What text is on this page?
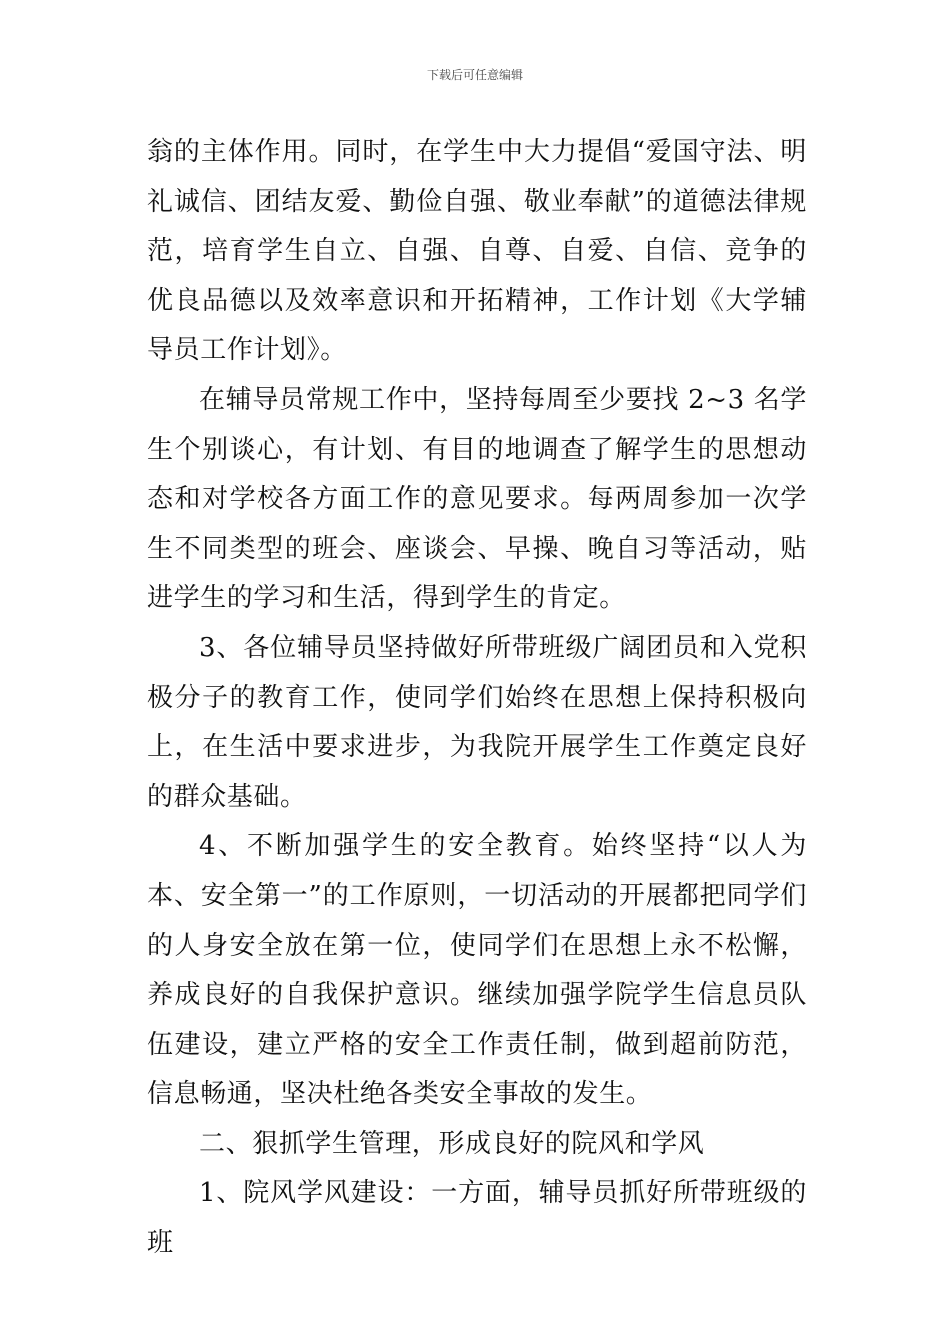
下载后可任意编辑

翁的主体作用。同时，在学生中大力提倡“爱国守法、明礼诚信、团结友爱、勤俭自强、敬业奉献”的道德法律规范，培育学生自立、自强、自尊、自爱、自信、竞争的优良品德以及效率意识和开拓精神，工作计划《大学辅导员工作计划》。

在辅导员常规工作中，坚持每周至少要找 2~3 名学生个别谈心，有计划、有目的地调查了解学生的思想动态和对学校各方面工作的意见要求。每两周参加一次学生不同类型的班会、座谈会、早操、晚自习等活动，贴进学生的学习和生活，得到学生的肯定。

3、各位辅导员坚持做好所带班级广阔团员和入党积极分子的教育工作，使同学们始终在思想上保持积极向上，在生活中要求进步，为我院开展学生工作奠定良好的群众基础。

4、不断加强学生的安全教育。始终坚持“以人为本、安全第一”的工作原则，一切活动的开展都把同学们的人身安全放在第一位，使同学们在思想上永不松懈，养成良好的自我保护意识。继续加强学院学生信息员队伍建设，建立严格的安全工作责任制，做到超前防范，信息畅通，坚决杜绝各类安全事故的发生。

二、狠抓学生管理，形成良好的院风和学风

1、院风学风建设：一方面，辅导员抓好所带班级的班
